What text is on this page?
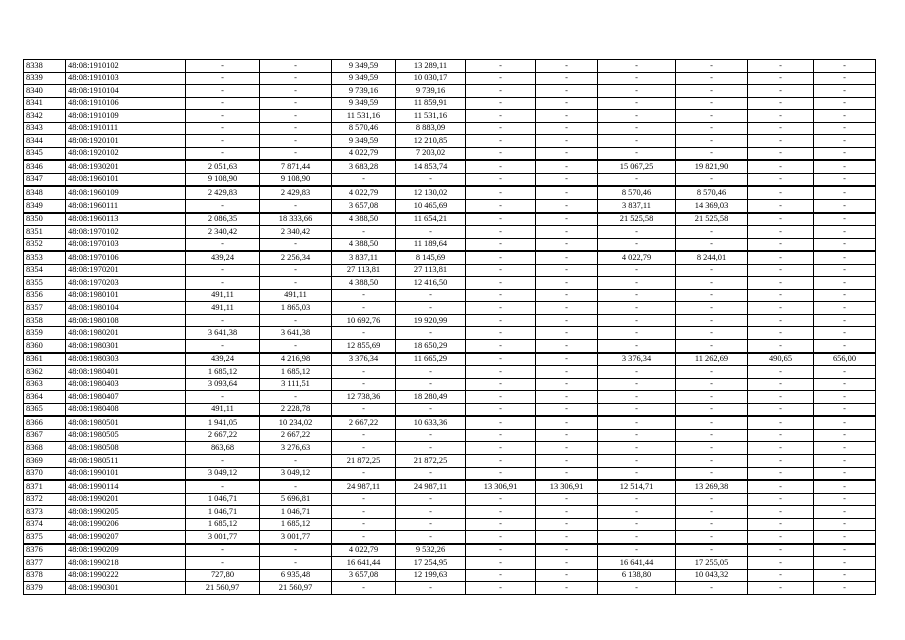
8338	48:08:1910102	-	-	9 349,59	13 289,11	-	-	-	-	-	-
8339	48:08:1910103	-	-	9 349,59	10 030,17	-	-	-	-	-	-
8340	48:08:1910104	-	-	9 739,16	9 739,16	-	-	-	-	-	-
8341	48:08:1910106	-	-	9 349,59	11 859,91	-	-	-	-	-	-
8342	48:08:1910109	-	-	11 531,16	11 531,16	-	-	-	-	-	-
8343	48:08:1910111	-	-	8 570,46	8 883,09	-	-	-	-	-	-
8344	48:08:1920101	-	-	9 349,59	12 210,85	-	-	-	-	-	-
8345	48:08:1920102	-	-	4 022,79	7 203,02	-	-	-	-	-	-
8346	48:08:1930201	2 051,63	7 871,44	3 683,28	14 853,74	-	-	15 067,25	19 821,90	-	-
8347	48:08:1960101	9 108,90	9 108,90	-	-	-	-	-	-	-	-
8348	48:08:1960109	2 429,83	2 429,83	4 022,79	12 130,02	-	-	8 570,46	8 570,46	-	-
8349	48:08:1960111	-	-	3 657,08	10 465,69	-	-	3 837,11	14 369,03	-	-
8350	48:08:1960113	2 086,35	18 333,66	4 388,50	11 654,21	-	-	21 525,58	21 525,58	-	-
8351	48:08:1970102	2 340,42	2 340,42	-	-	-	-	-	-	-	-
8352	48:08:1970103	-	-	4 388,50	11 189,64	-	-	-	-	-	-
8353	48:08:1970106	439,24	2 256,34	3 837,11	8 145,69	-	-	4 022,79	8 244,01	-	-
8354	48:08:1970201	-	-	27 113,81	27 113,81	-	-	-	-	-	-
8355	48:08:1970203	-	-	4 388,50	12 416,50	-	-	-	-	-	-
8356	48:08:1980101	491,11	491,11	-	-	-	-	-	-	-	-
8357	48:08:1980104	491,11	1 865,03	-	-	-	-	-	-	-	-
8358	48:08:1980108	-	-	10 692,76	19 920,99	-	-	-	-	-	-
8359	48:08:1980201	3 641,38	3 641,38	-	-	-	-	-	-	-	-
8360	48:08:1980301	-	-	12 855,69	18 650,29	-	-	-	-	-	-
8361	48:08:1980303	439,24	4 216,98	3 376,34	11 665,29	-	-	3 376,34	11 262,69	490,65	656,00
8362	48:08:1980401	1 685,12	1 685,12	-	-	-	-	-	-	-	-
8363	48:08:1980403	3 093,64	3 111,51	-	-	-	-	-	-	-	-
8364	48:08:1980407	-	-	12 738,36	18 280,49	-	-	-	-	-	-
8365	48:08:1980408	491,11	2 228,78	-	-	-	-	-	-	-	-
8366	48:08:1980501	1 941,05	10 234,02	2 667,22	10 633,36	-	-	-	-	-	-
8367	48:08:1980505	2 667,22	2 667,22	-	-	-	-	-	-	-	-
8368	48:08:1980508	863,68	3 276,63	-	-	-	-	-	-	-	-
8369	48:08:1980511	-	-	21 872,25	21 872,25	-	-	-	-	-	-
8370	48:08:1990101	3 049,12	3 049,12	-	-	-	-	-	-	-	-
8371	48:08:1990114	-	-	24 987,11	24 987,11	13 306,91	13 306,91	12 514,71	13 269,38	-	-
8372	48:08:1990201	1 046,71	5 696,81	-	-	-	-	-	-	-	-
8373	48:08:1990205	1 046,71	1 046,71	-	-	-	-	-	-	-	-
8374	48:08:1990206	1 685,12	1 685,12	-	-	-	-	-	-	-	-
8375	48:08:1990207	3 001,77	3 001,77	-	-	-	-	-	-	-	-
8376	48:08:1990209	-	-	4 022,79	9 532,26	-	-	-	-	-	-
8377	48:08:1990218	-	-	16 641,44	17 254,95	-	-	16 641,44	17 255,05	-	-
8378	48:08:1990222	727,80	6 935,48	3 657,08	12 199,63	-	-	6 138,80	10 043,32	-	-
8379	48:08:1990301	21 560,97	21 560,97	-	-	-	-	-	-	-	-
